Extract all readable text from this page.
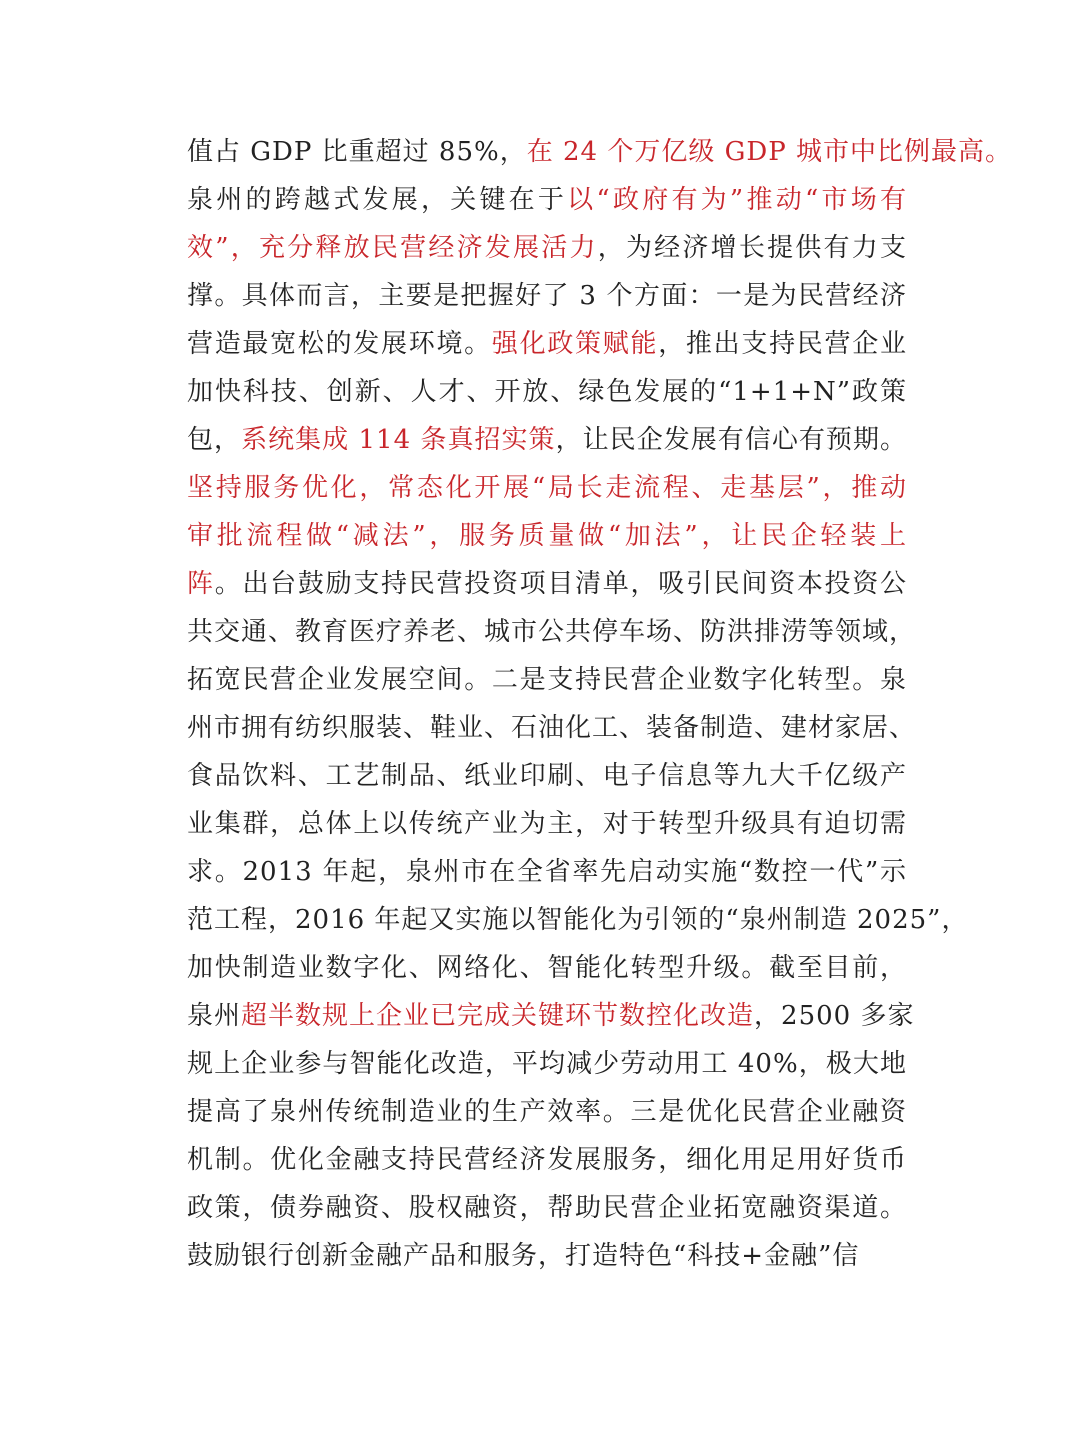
值占 GDP 比重超过 85%，在 24 个万亿级 GDP 城市中比例最高。
泉州的跨越式发展，关键在于以“政府有为”推动“市场有
效”，充分释放民营经济发展活力，为经济增长提供有力支
撑。具体而言，主要是把握好了 3 个方面：一是为民营经济
营造最宽松的发展环境。强化政策赋能，推出支持民营企业
加快科技、创新、人才、开放、绿色发展的“1+1+N”政策
包，系统集成 114 条真招实策，让民企发展有信心有预期。
坚持服务优化，常态化开展“局长走流程、走基层”，推动
审批流程做“减法”，服务质量做“加法”，让民企轻装上
阵。出台鼓励支持民营投资项目清单，吸引民间资本投资公
共交通、教育医疗养老、城市公共停车场、防洪排涝等领域，
拓宽民营企业发展空间。二是支持民营企业数字化转型。泉
州市拥有纺织服装、鞋业、石油化工、装备制造、建材家居、
食品饮料、工艺制品、纸业印刷、电子信息等九大千亿级产
业集群，总体上以传统产业为主，对于转型升级具有迫切需
求。2013 年起，泉州市在全省率先启动实施“数控一代”示
范工程，2016 年起又实施以智能化为引领的“泉州制造 2025”，
加快制造业数字化、网络化、智能化转型升级。截至目前，
泉州超半数规上企业已完成关键环节数控化改造，2500 多家
规上企业参与智能化改造，平均减少劳动用工 40%，极大地
提高了泉州传统制造业的生产效率。三是优化民营企业融资
机制。优化金融支持民营经济发展服务，细化用足用好货币
政策，债券融资、股权融资，帮助民营企业拓宽融资渠道。
鼓励银行创新金融产品和服务，打造特色“科技+金融”信
